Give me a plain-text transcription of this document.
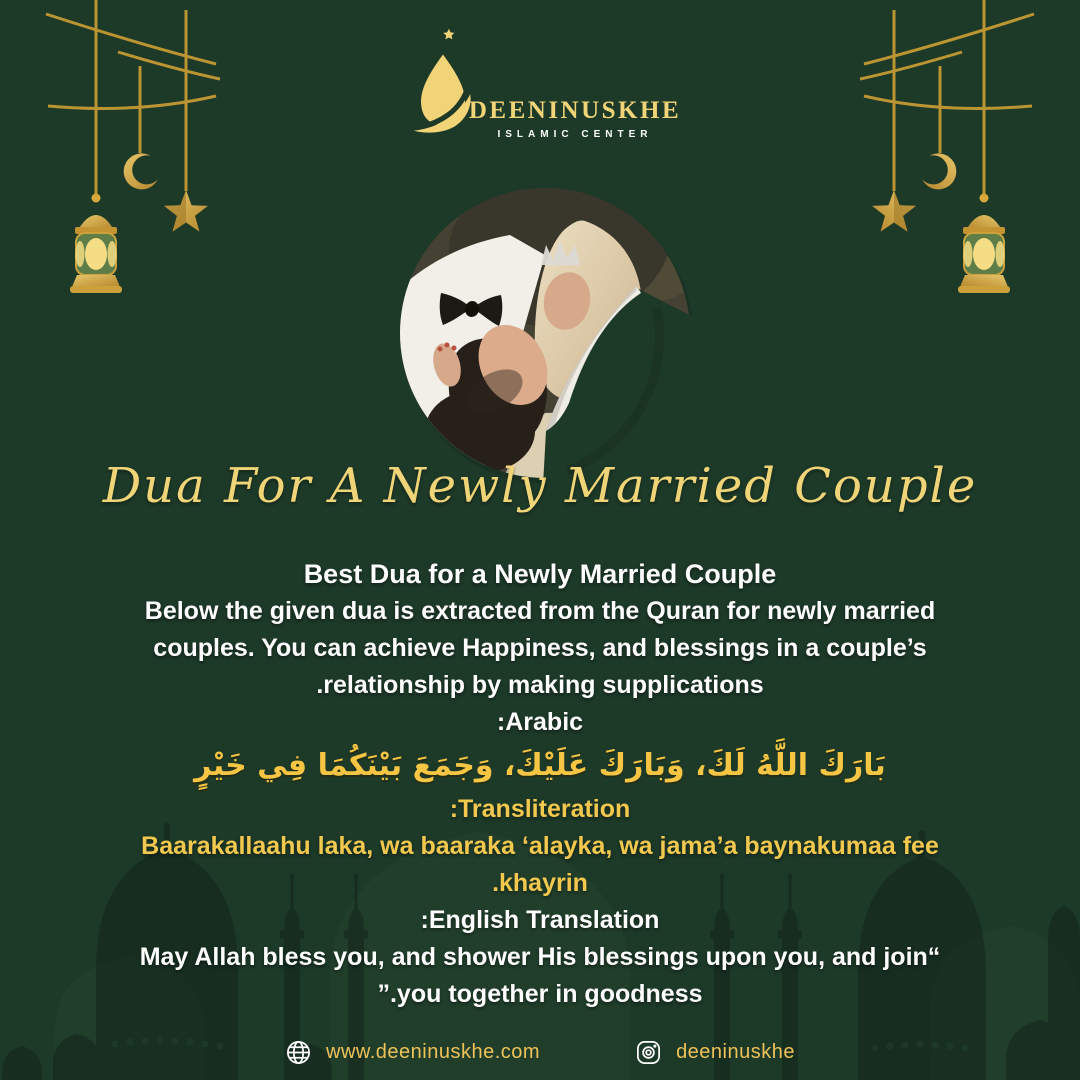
DEENINUSKHE
ISLAMIC CENTER
Dua For A Newly Married Couple
Best Dua for a Newly Married Couple
Below the given dua is extracted from the Quran for newly married
couples. You can achieve Happiness, and blessings in a couple’s
.relationship by making supplications
:Arabic
بَارَكَ اللَّهُ لَكَ، وَبَارَكَ عَلَيْكَ، وَجَمَعَ بَيْنَكُمَا فِي خَيْرٍ
:Transliteration
Baarakallaahu laka, wa baaraka ‘alayka, wa jama’a baynakumaa fee
.khayrin
:English Translation
May Allah bless you, and shower His blessings upon you, and join“
”.you together in goodness
www.deeninuskhe.com	deeninuskhe
